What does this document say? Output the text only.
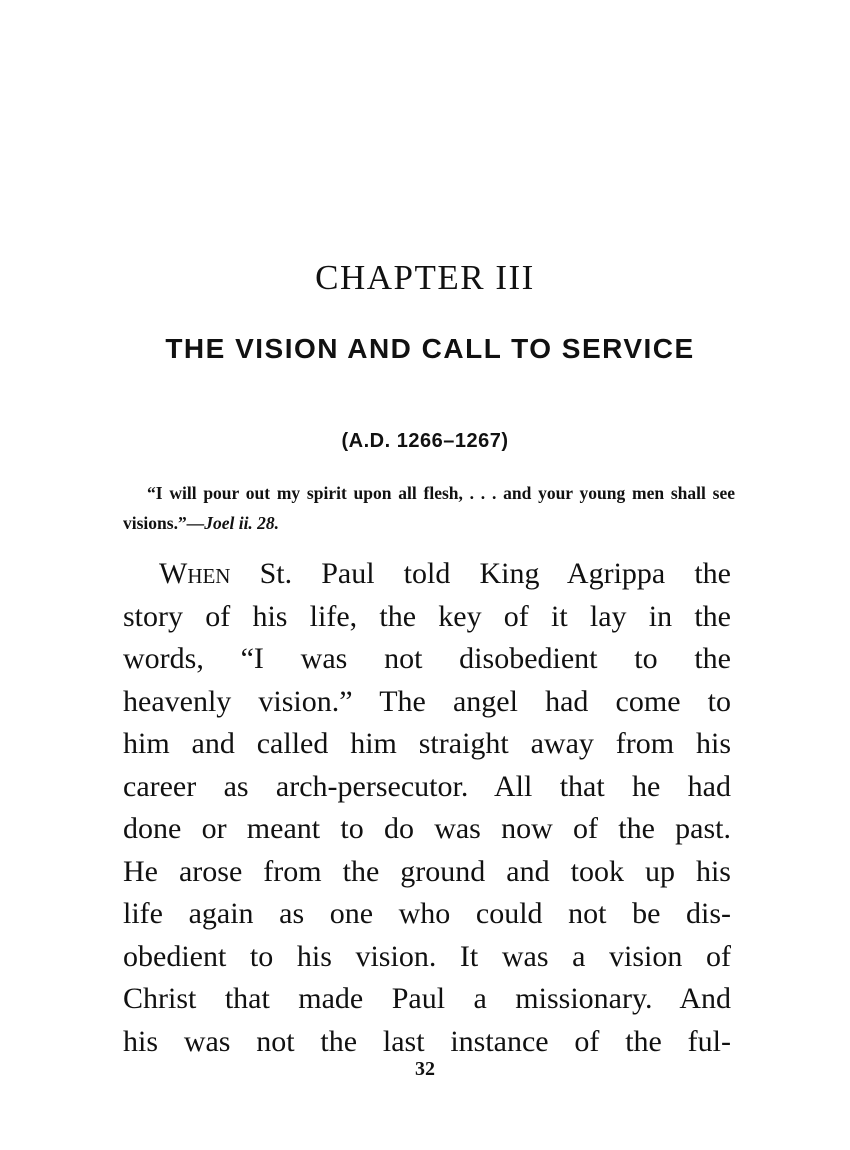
CHAPTER III
THE VISION AND CALL TO SERVICE
(A.D. 1266–1267)
“I will pour out my spirit upon all flesh, . . . and your young men shall see visions.”—Joel ii. 28.
When St. Paul told King Agrippa the
story of his life, the key of it lay in the
words, “I was not disobedient to the
heavenly vision.” The angel had come to
him and called him straight away from his
career as arch-persecutor. All that he had
done or meant to do was now of the past.
He arose from the ground and took up his
life again as one who could not be dis-
obedient to his vision. It was a vision of
Christ that made Paul a missionary. And
his was not the last instance of the ful-
32
